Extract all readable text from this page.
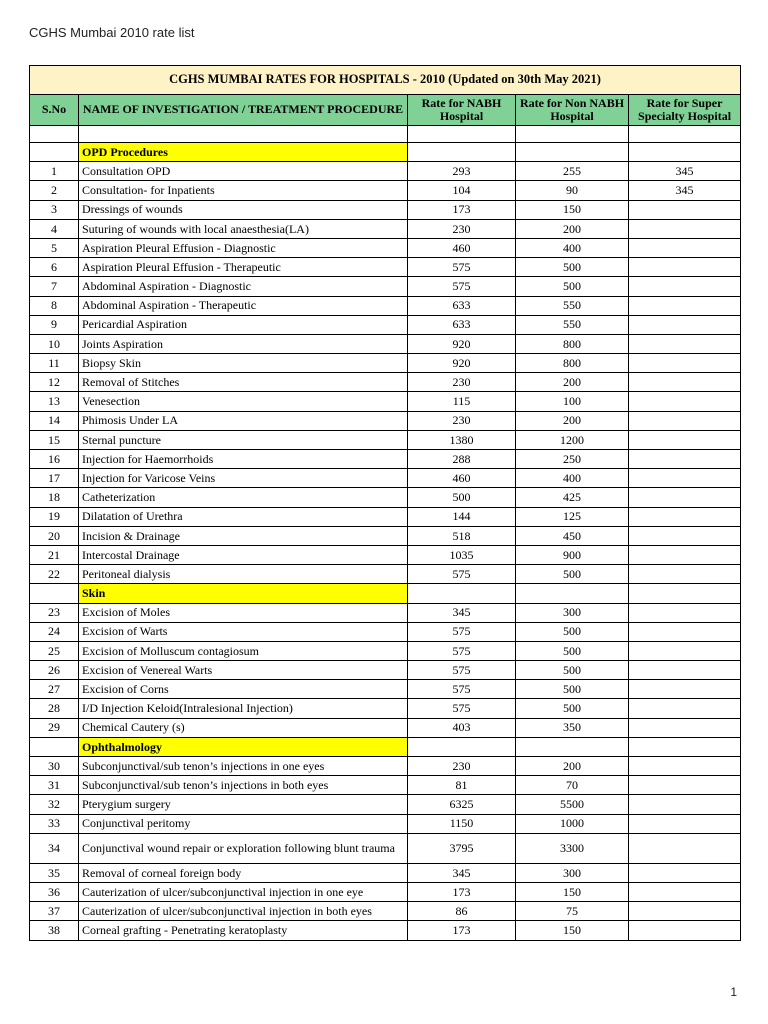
CGHS Mumbai 2010 rate list
CGHS MUMBAI RATES FOR HOSPITALS - 2010 (Updated on 30th May 2021)				
S.No	NAME OF INVESTIGATION / TREATMENT PROCEDURE	Rate for NABH Hospital	Rate for Non NABH Hospital	Rate for Super Specialty Hospital

	OPD Procedures			
1	Consultation OPD	293	255	345
2	Consultation- for Inpatients	104	90	345
3	Dressings of wounds	173	150	
4	Suturing of wounds with local anaesthesia(LA)	230	200	
5	Aspiration Pleural Effusion - Diagnostic	460	400	
6	Aspiration Pleural Effusion - Therapeutic	575	500	
7	Abdominal Aspiration - Diagnostic	575	500	
8	Abdominal Aspiration - Therapeutic	633	550	
9	Pericardial Aspiration	633	550	
10	Joints Aspiration	920	800	
11	Biopsy Skin	920	800	
12	Removal of Stitches	230	200	
13	Venesection	115	100	
14	Phimosis Under LA	230	200	
15	Sternal puncture	1380	1200	
16	Injection for Haemorrhoids	288	250	
17	Injection for Varicose Veins	460	400	
18	Catheterization	500	425	
19	Dilatation of Urethra	144	125	
20	Incision & Drainage	518	450	
21	Intercostal Drainage	1035	900	
22	Peritoneal dialysis	575	500	
	Skin			
23	Excision of Moles	345	300	
24	Excision of Warts	575	500	
25	Excision of Molluscum contagiosum	575	500	
26	Excision of Venereal Warts	575	500	
27	Excision of Corns	575	500	
28	I/D Injection Keloid(Intralesional Injection)	575	500	
29	Chemical Cautery (s)	403	350	
	Ophthalmology			
30	Subconjunctival/sub tenon’s injections in one eyes	230	200	
31	Subconjunctival/sub tenon’s injections in both eyes	81	70	
32	Pterygium surgery	6325	5500	
33	Conjunctival peritomy	1150	1000	
34	Conjunctival wound repair or exploration following blunt trauma	3795	3300	
35	Removal of corneal foreign body	345	300	
36	Cauterization of ulcer/subconjunctival injection in one eye	173	150	
37	Cauterization of ulcer/subconjunctival injection in both eyes	86	75	
38	Corneal grafting - Penetrating keratoplasty	173	150	
1
